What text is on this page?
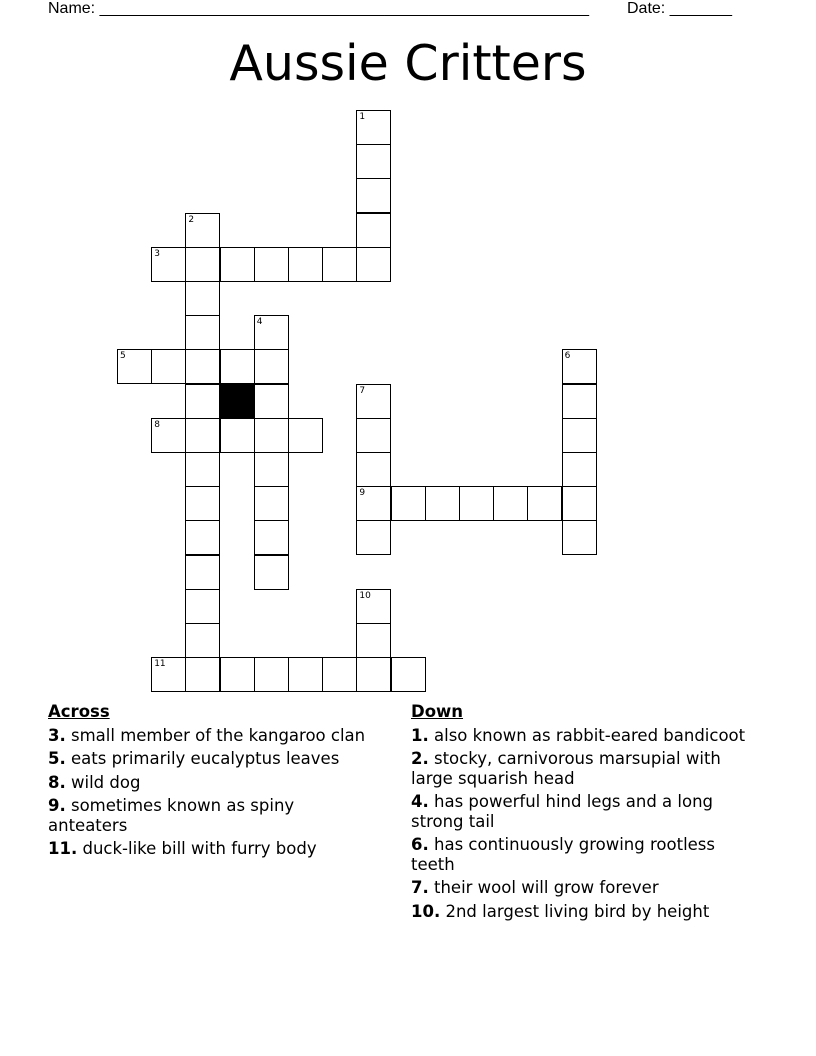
Name: _______________________________________________________ Date: _______
Aussie Critters
1
3
2
4
5
8
7
9
6
10
11
Across
3. small member of the kangaroo clan
5. eats primarily eucalyptus leaves
8. wild dog
9. sometimes known as spiny anteaters
11. duck-like bill with furry body
Down
1. also known as rabbit-eared bandicoot
2. stocky, carnivorous marsupial with large squarish head
4. has powerful hind legs and a long strong tail
6. has continuously growing rootless teeth
7. their wool will grow forever
10. 2nd largest living bird by height
